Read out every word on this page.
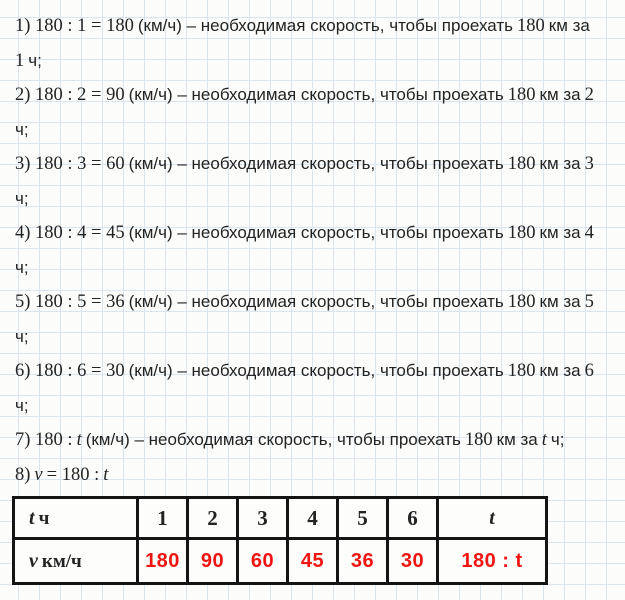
1) 180 : 1 = 180 (км/ч) – необходимая скорость, чтобы проехать 180 км за
1 ч;
2) 180 : 2 = 90 (км/ч) – необходимая скорость, чтобы проехать 180 км за 2
ч;
3) 180 : 3 = 60 (км/ч) – необходимая скорость, чтобы проехать 180 км за 3
ч;
4) 180 : 4 = 45 (км/ч) – необходимая скорость, чтобы проехать 180 км за 4
ч;
5) 180 : 5 = 36 (км/ч) – необходимая скорость, чтобы проехать 180 км за 5
ч;
6) 180 : 6 = 30 (км/ч) – необходимая скорость, чтобы проехать 180 км за 6
ч;
7) 180 : t (км/ч) – необходимая скорость, чтобы проехать 180 км за t ч;
8) v = 180 : t
t ч	1	2	3	4	5	6	t
v км/ч	180	90	60	45	36	30	180 : t
